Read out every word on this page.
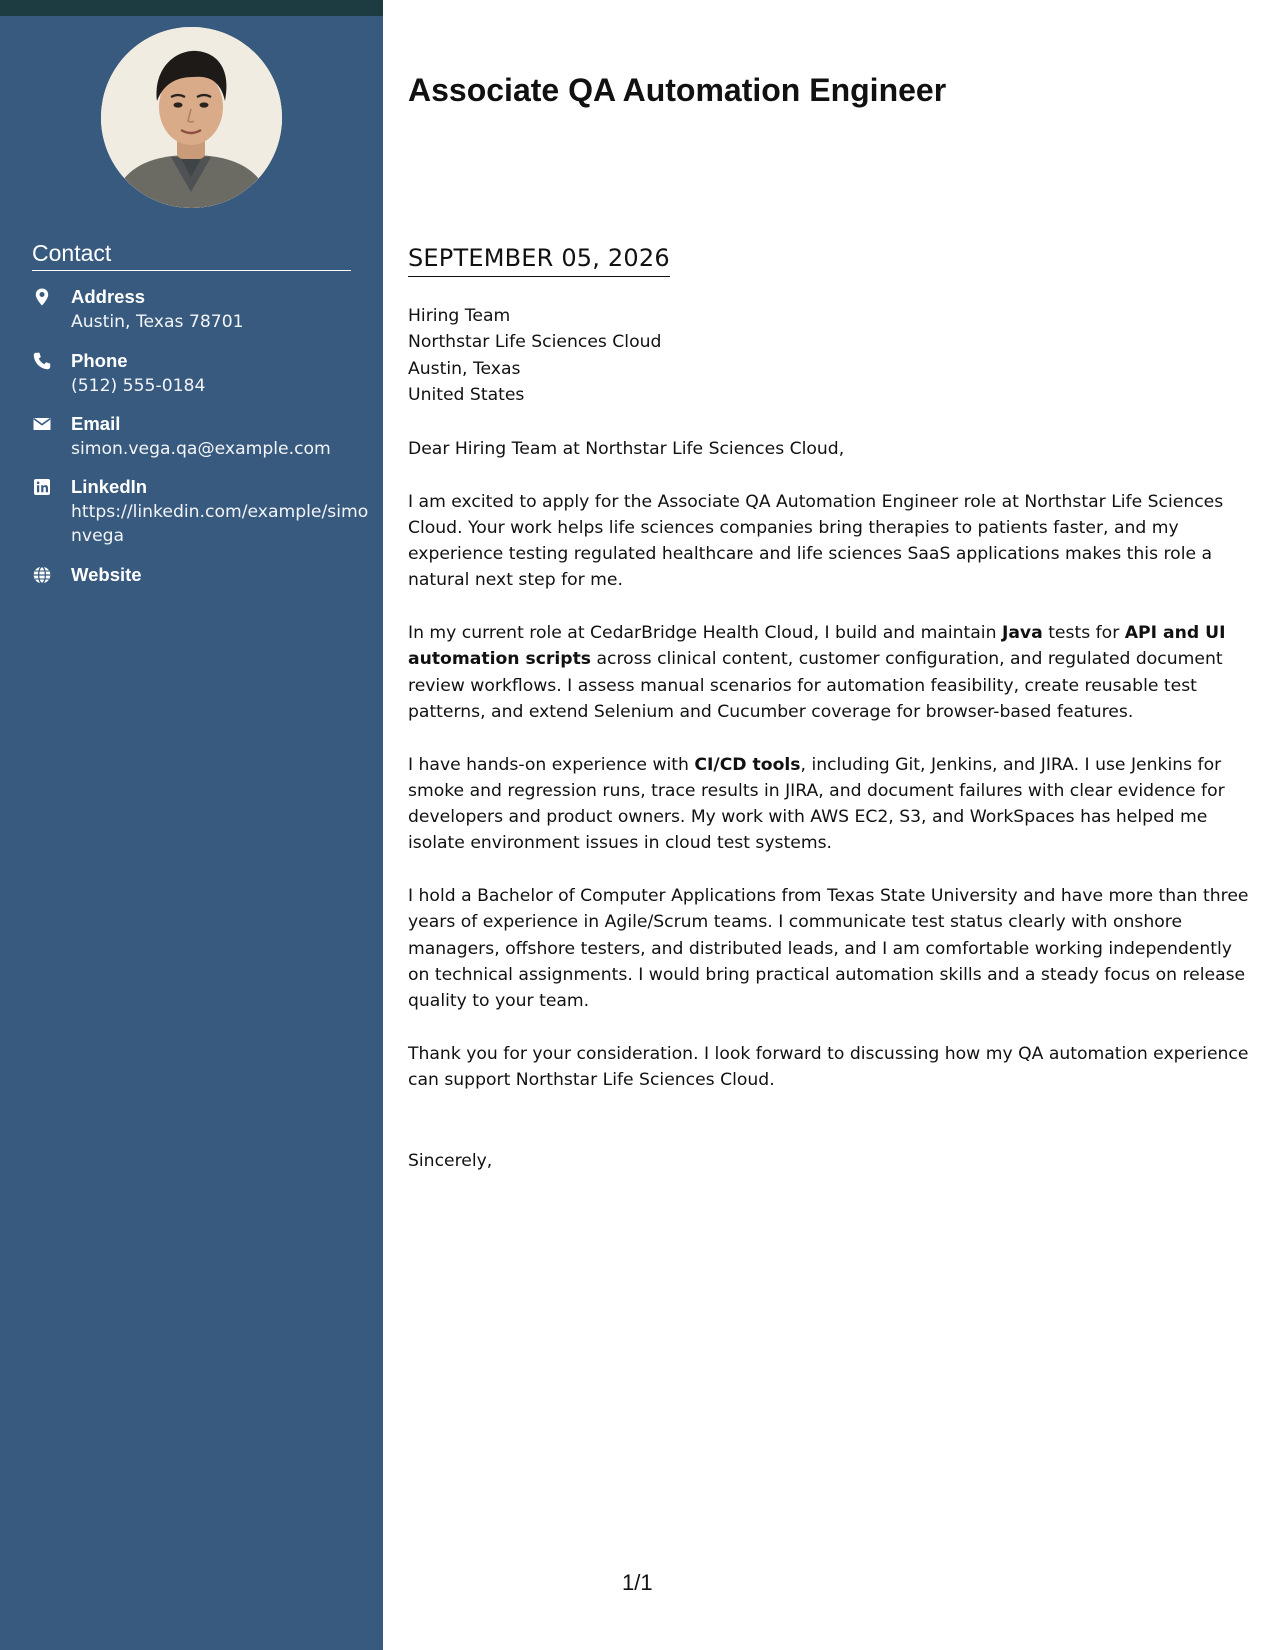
Contact
Address
Austin, Texas 78701
Phone
(512) 555-0184
Email
simon.vega.qa@example.com
LinkedIn
https://linkedin.com/example/simonvega
Website
Associate QA Automation Engineer
SEPTEMBER 05, 2026
Hiring Team
Northstar Life Sciences Cloud
Austin, Texas
United States

Dear Hiring Team at Northstar Life Sciences Cloud,

I am excited to apply for the Associate QA Automation Engineer role at Northstar Life Sciences Cloud. Your work helps life sciences companies bring therapies to patients faster, and my experience testing regulated healthcare and life sciences SaaS applications makes this role a natural next step for me.

In my current role at CedarBridge Health Cloud, I build and maintain Java tests for API and UI automation scripts across clinical content, customer configuration, and regulated document review workflows. I assess manual scenarios for automation feasibility, create reusable test patterns, and extend Selenium and Cucumber coverage for browser-based features.

I have hands-on experience with CI/CD tools, including Git, Jenkins, and JIRA. I use Jenkins for smoke and regression runs, trace results in JIRA, and document failures with clear evidence for developers and product owners. My work with AWS EC2, S3, and WorkSpaces has helped me isolate environment issues in cloud test systems.

I hold a Bachelor of Computer Applications from Texas State University and have more than three years of experience in Agile/Scrum teams. I communicate test status clearly with onshore managers, offshore testers, and distributed leads, and I am comfortable working independently on technical assignments. I would bring practical automation skills and a steady focus on release quality to your team.

Thank you for your consideration. I look forward to discussing how my QA automation experience can support Northstar Life Sciences Cloud.

Sincerely,
1/1
